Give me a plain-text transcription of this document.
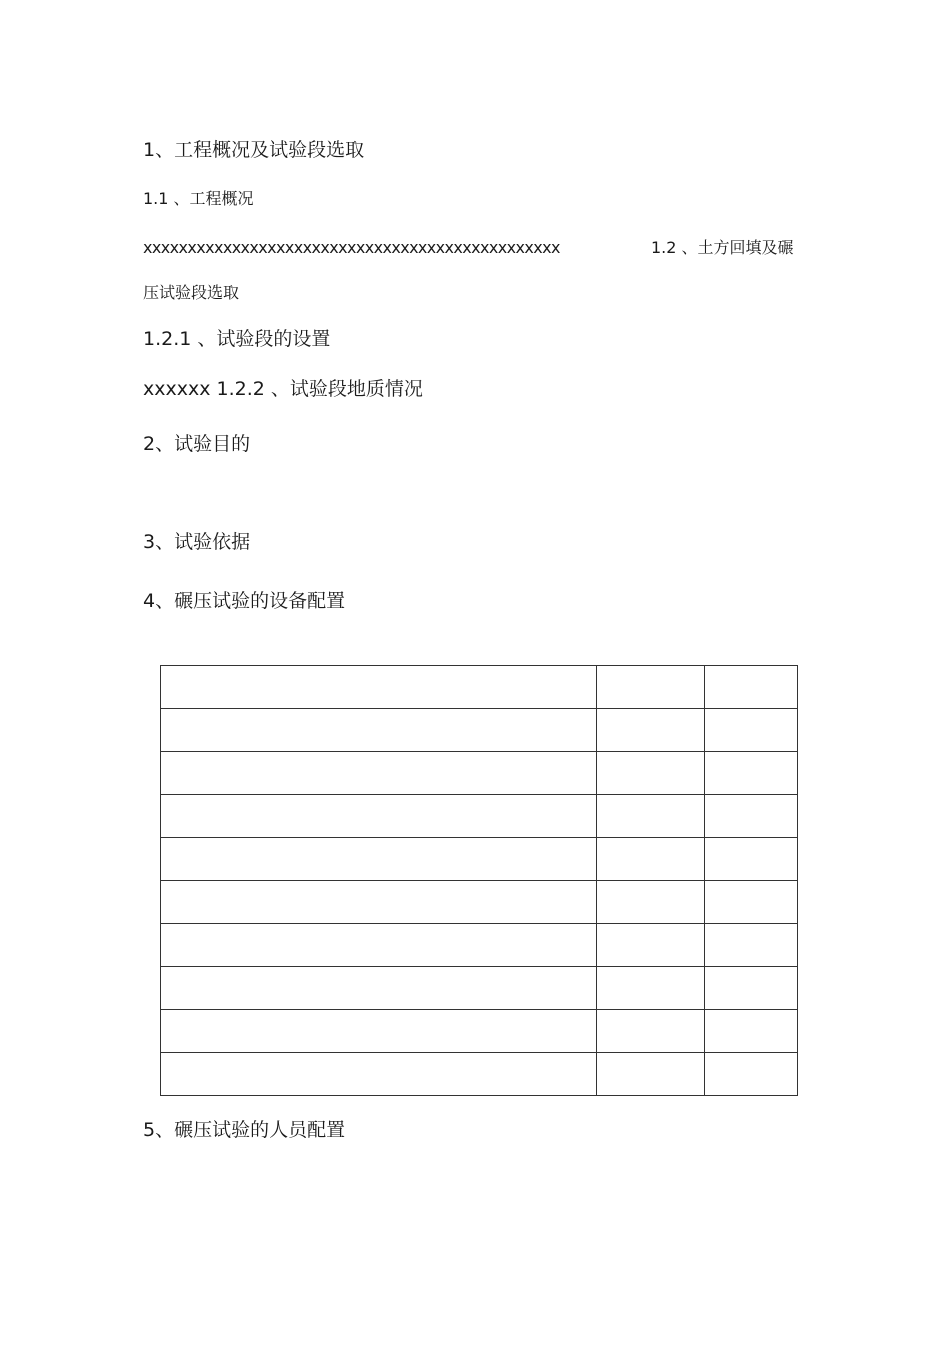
1、工程概况及试验段选取
1.1 、工程概况
xxxxxxxxxxxxxxxxxxxxxxxxxxxxxxxxxxxxxxxxxxxxxxx	1.2 、土方回填及碾
压试验段选取
1.2.1 、试验段的设置
xxxxxx 1.2.2 、试验段地质情况
2、试验目的
3、试验依据
4、碾压试验的设备配置

5、碾压试验的人员配置
